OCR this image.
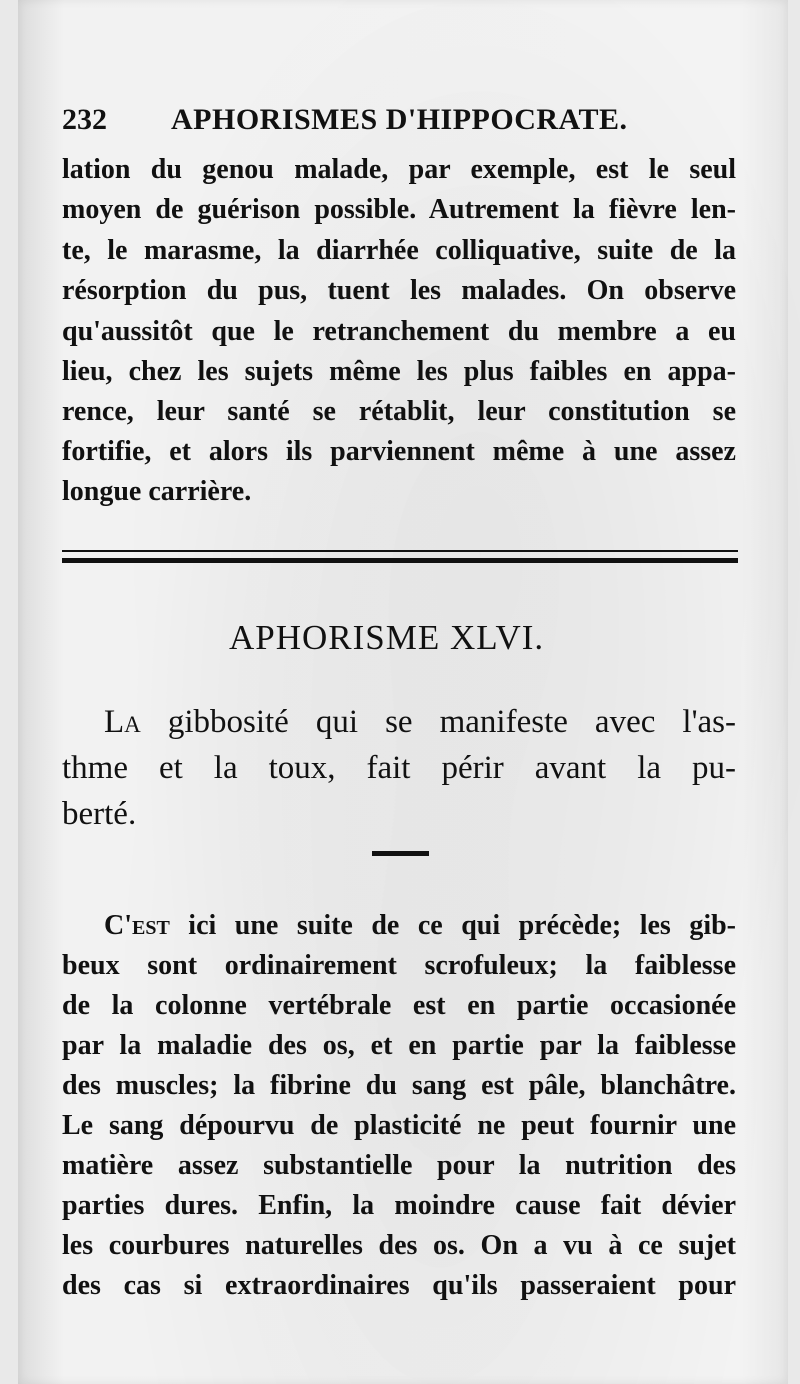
232 APHORISMES D'HIPPOCRATE.
lation du genou malade, par exemple, est le seul
moyen de guérison possible. Autrement la fièvre len-
te, le marasme, la diarrhée colliquative, suite de la
résorption du pus, tuent les malades. On observe
qu'aussitôt que le retranchement du membre a eu
lieu, chez les sujets même les plus faibles en appa-
rence, leur santé se rétablit, leur constitution se
fortifie, et alors ils parviennent même à une assez
longue carrière.
APHORISME XLVI.
La gibbosité qui se manifeste avec l'as-
thme et la toux, fait périr avant la pu-
berté.
C'est ici une suite de ce qui précède; les gib-
beux sont ordinairement scrofuleux; la faiblesse
de la colonne vertébrale est en partie occasionée
par la maladie des os, et en partie par la faiblesse
des muscles; la fibrine du sang est pâle, blanchâtre.
Le sang dépourvu de plasticité ne peut fournir une
matière assez substantielle pour la nutrition des
parties dures. Enfin, la moindre cause fait dévier
les courbures naturelles des os. On a vu à ce sujet
des cas si extraordinaires qu'ils passeraient pour
